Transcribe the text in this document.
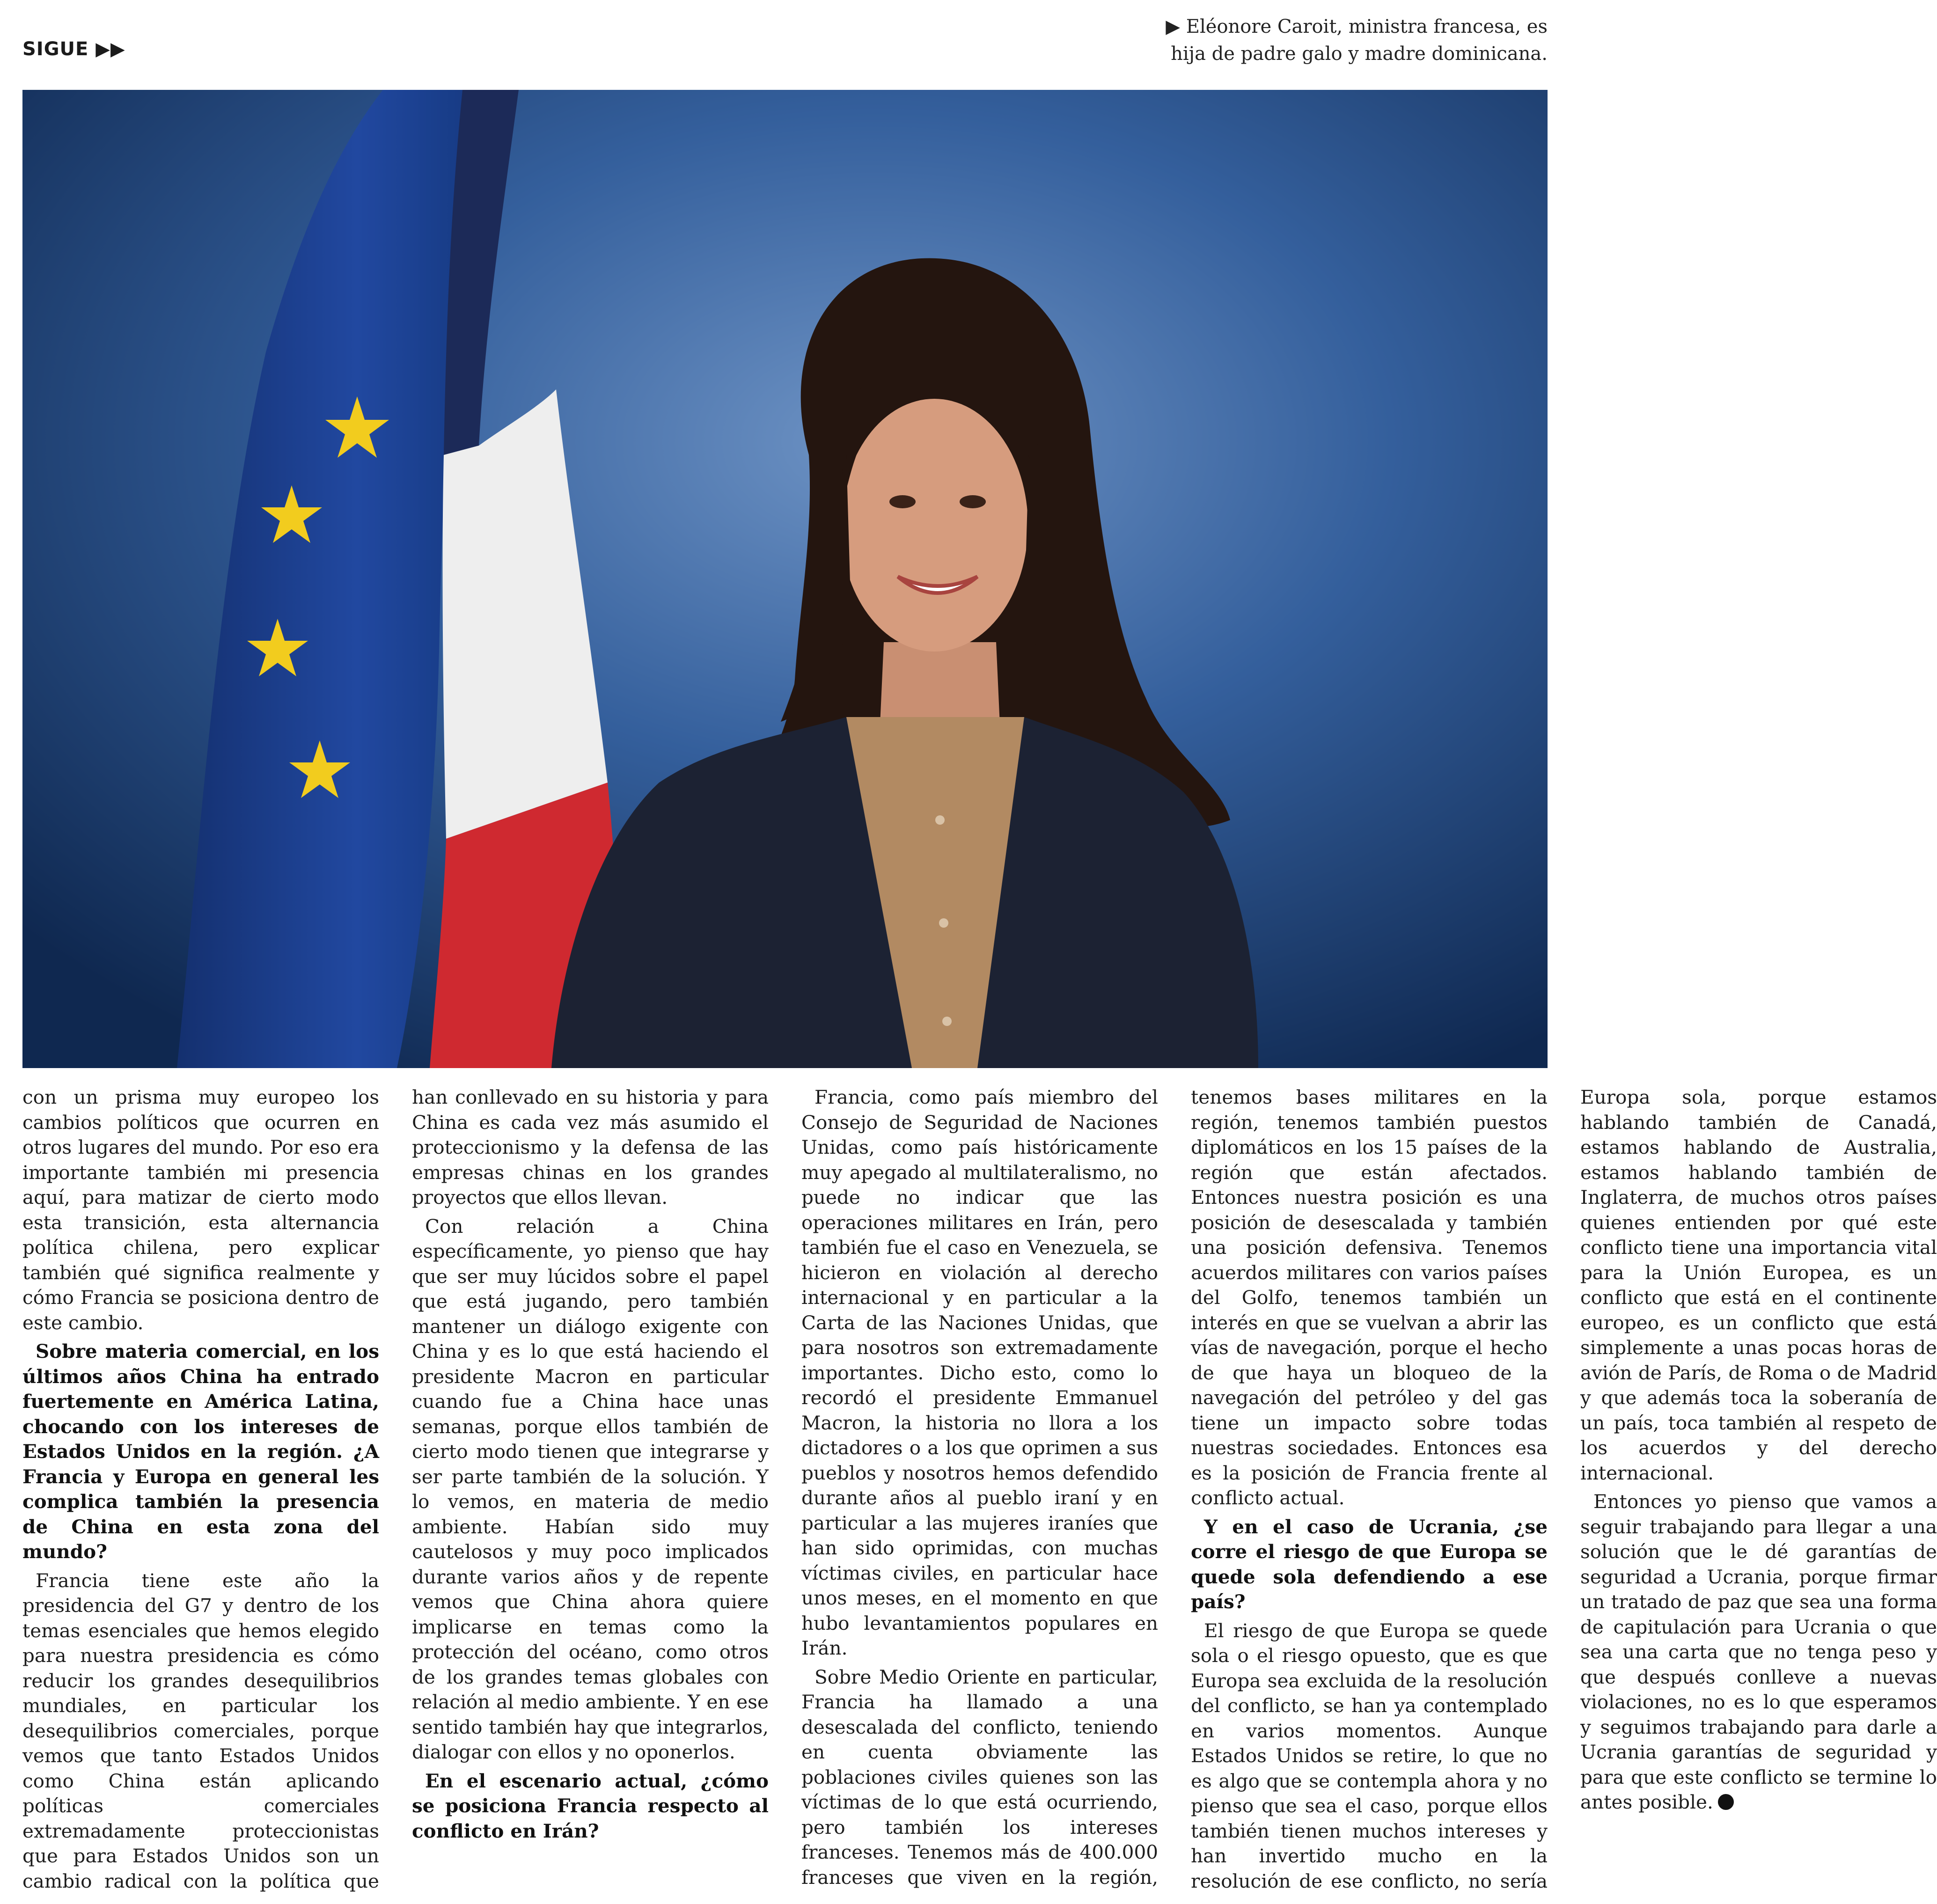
SIGUE ▶▶
▶ Eléonore Caroit, ministra francesa, es hija de padre galo y madre dominicana.

con un prisma muy europeo los cambios políticos que ocurren en otros lugares del mundo. Por eso era importante también mi presencia aquí, para matizar de cierto modo esta transición, esta alternancia política chilena, pero explicar también qué significa realmente y cómo Francia se posiciona dentro de este cambio.

Sobre materia comercial, en los últimos años China ha entrado fuertemente en América Latina, chocando con los intereses de Estados Unidos en la región. ¿A Francia y Europa en general les complica también la presencia de China en esta zona del mundo?

Francia tiene este año la presidencia del G7 y dentro de los temas esenciales que hemos elegido para nuestra presidencia es cómo reducir los grandes desequilibrios mundiales, en particular los desequilibrios comerciales, porque vemos que tanto Estados Unidos como China están aplicando políticas comerciales extremadamente proteccionistas que para Estados Unidos son un cambio radical con la política que han conllevado en su historia y para China es cada vez más asumido el proteccionismo y la defensa de las empresas chinas en los grandes proyectos que ellos llevan.

Con relación a China específicamente, yo pienso que hay que ser muy lúcidos sobre el papel que está jugando, pero también mantener un diálogo exigente con China y es lo que está haciendo el presidente Macron en particular cuando fue a China hace unas semanas, porque ellos también de cierto modo tienen que integrarse y ser parte también de la solución. Y lo vemos, en materia de medio ambiente. Habían sido muy cautelosos y muy poco implicados durante varios años y de repente vemos que China ahora quiere implicarse en temas como la protección del océano, como otros de los grandes temas globales con relación al medio ambiente. Y en ese sentido también hay que integrarlos, dialogar con ellos y no oponerlos.

En el escenario actual, ¿cómo se posiciona Francia respecto al conflicto en Irán?

Francia, como país miembro del Consejo de Seguridad de Naciones Unidas, como país históricamente muy apegado al multilateralismo, no puede no indicar que las operaciones militares en Irán, pero también fue el caso en Venezuela, se hicieron en violación al derecho internacional y en particular a la Carta de las Naciones Unidas, que para nosotros son extremadamente importantes. Dicho esto, como lo recordó el presidente Emmanuel Macron, la historia no llora a los dictadores o a los que oprimen a sus pueblos y nosotros hemos defendido durante años al pueblo iraní y en particular a las mujeres iraníes que han sido oprimidas, con muchas víctimas civiles, en particular hace unos meses, en el momento en que hubo levantamientos populares en Irán.

Sobre Medio Oriente en particular, Francia ha llamado a una desescalada del conflicto, teniendo en cuenta obviamente las poblaciones civiles quienes son las víctimas de lo que está ocurriendo, pero también los intereses franceses. Tenemos más de 400.000 franceses que viven en la región, tenemos bases militares en la región, tenemos también puestos diplomáticos en los 15 países de la región que están afectados. Entonces nuestra posición es una posición de desescalada y también una posición defensiva. Tenemos acuerdos militares con varios países del Golfo, tenemos también un interés en que se vuelvan a abrir las vías de navegación, porque el hecho de que haya un bloqueo de la navegación del petróleo y del gas tiene un impacto sobre todas nuestras sociedades. Entonces esa es la posición de Francia frente al conflicto actual.

Y en el caso de Ucrania, ¿se corre el riesgo de que Europa se quede sola defendiendo a ese país?

El riesgo de que Europa se quede sola o el riesgo opuesto, que es que Europa sea excluida de la resolución del conflicto, se han ya contemplado en varios momentos. Aunque Estados Unidos se retire, lo que no es algo que se contempla ahora y no pienso que sea el caso, porque ellos también tienen muchos intereses y han invertido mucho en la resolución de ese conflicto, no sería Europa sola, porque estamos hablando también de Canadá, estamos hablando de Australia, estamos hablando también de Inglaterra, de muchos otros países quienes entienden por qué este conflicto tiene una importancia vital para la Unión Europea, es un conflicto que está en el continente europeo, es un conflicto que está simplemente a unas pocas horas de avión de París, de Roma o de Madrid y que además toca la soberanía de un país, toca también al respeto de los acuerdos y del derecho internacional.

Entonces yo pienso que vamos a seguir trabajando para llegar a una solución que le dé garantías de seguridad a Ucrania, porque firmar un tratado de paz que sea una forma de capitulación para Ucrania o que sea una carta que no tenga peso y que después conlleve a nuevas violaciones, no es lo que esperamos y seguimos trabajando para darle a Ucrania garantías de seguridad y para que este conflicto se termine lo antes posible.
